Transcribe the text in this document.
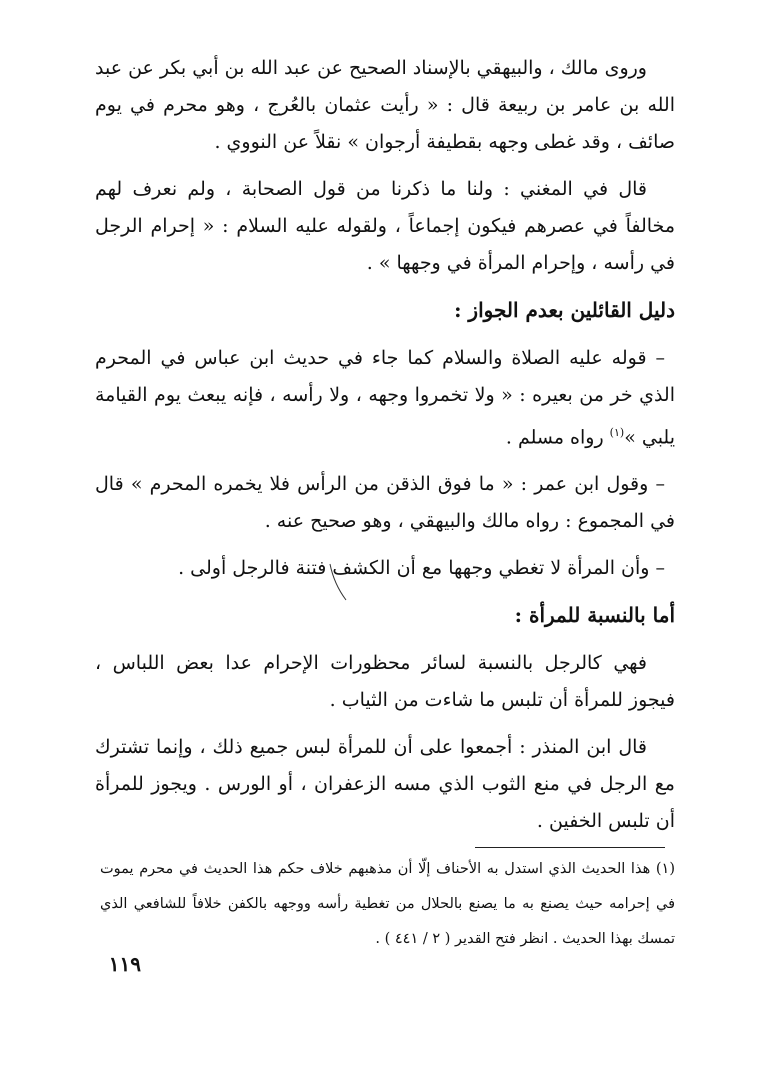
وروى مالك ، والبيهقي بالإسناد الصحيح عن عبد الله بن أبي بكر عن عبد الله بن عامر بن ربيعة قال : « رأيت عثمان بالعُرج ، وهو محرم في يوم صائف ، وقد غطى وجهه بقطيفة أرجوان » نقلاً عن النووي .

قال في المغني : ولنا ما ذكرنا من قول الصحابة ، ولم نعرف لهم مخالفاً في عصرهم فيكون إجماعاً ، ولقوله عليه السلام : « إحرام الرجل في رأسه ، وإحرام المرأة في وجهها » .

دليل القائلين بعدم الجواز :

– قوله عليه الصلاة والسلام كما جاء في حديث ابن عباس في المحرم الذي خر من بعيره : « ولا تخمروا وجهه ، ولا رأسه ، فإنه يبعث يوم القيامة يلبي »$^{(١)}$ رواه مسلم .

– وقول ابن عمر : « ما فوق الذقن من الرأس فلا يخمره المحرم » قال في المجموع : رواه مالك والبيهقي ، وهو صحيح عنه .

– وأن المرأة لا تغطي وجهها مع أن الكشف فتنة فالرجل أولى .

أما بالنسبة للمرأة :

فهي كالرجل بالنسبة لسائر محظورات الإحرام عدا بعض اللباس ، فيجوز للمرأة أن تلبس ما شاءت من الثياب .

قال ابن المنذر : أجمعوا على أن للمرأة لبس جميع ذلك ، وإنما تشترك مع الرجل في منع الثوب الذي مسه الزعفران ، أو الورس . ويجوز للمرأة أن تلبس الخفين .

(١) هذا الحديث الذي استدل به الأحناف إلّا أن مذهبهم خلاف حكم هذا الحديث في محرم يموت في إحرامه حيث يصنع به ما يصنع بالحلال من تغطية رأسه ووجهه بالكفن خلافاً للشافعي الذي تمسك بهذا الحديث . انظر فتح القدير ( ٢ / ٤٤١ ) .
١١٩
